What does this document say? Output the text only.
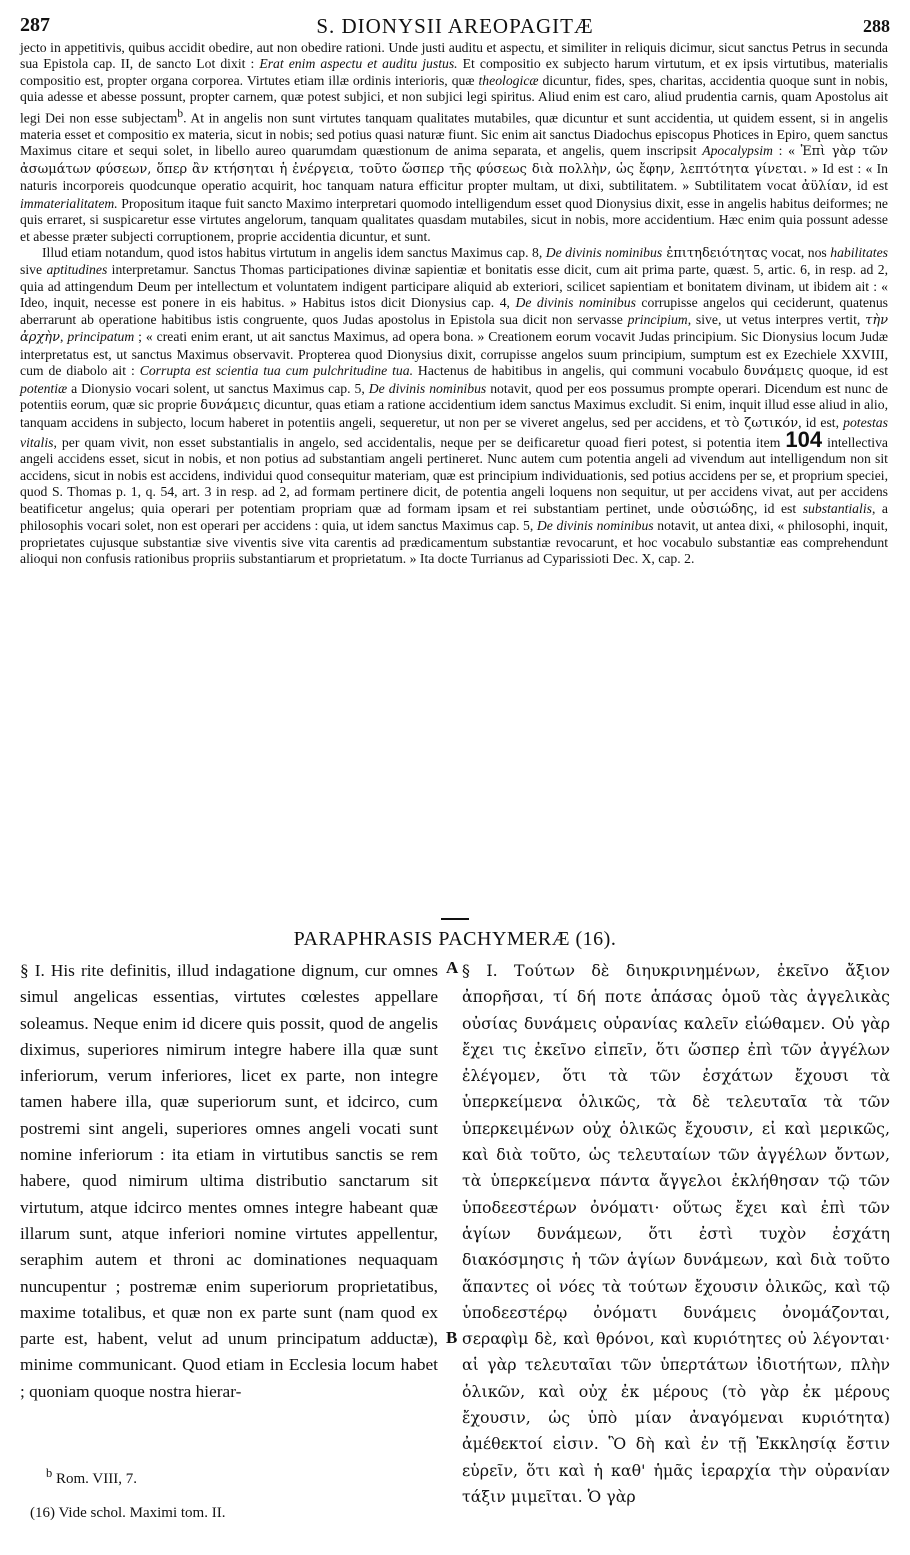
287	S. DIONYSII AREOPAGITÆ	288

jecto in appetitivis, quibus accidit obedire, aut non obedire rationi. Unde justi auditu et aspectu, et similiter in reliquis dicimur, sicut sanctus Petrus in secunda sua Epistola cap. II, de sancto Lot dixit : Erat enim aspectu et auditu justus. Et compositio ex subjecto harum virtutum, et ex ipsis virtutibus, materialis compositio est, propter organa corporea. Virtutes etiam illæ ordinis interioris, quæ theologicæ dicuntur, fides, spes, charitas, accidentia quoque sunt in nobis, quia adesse et abesse possunt, propter carnem, quæ potest subjici, et non subjici legi spiritus. Aliud enim est caro, aliud prudentia carnis, quam Apostolus ait legi Dei non esse subjectam$^b$. At in angelis non sunt virtutes tanquam qualitates mutabiles, quæ dicuntur et sunt accidentia, ut quidem essent, si in angelis materia esset et compositio ex materia, sicut in nobis; sed potius quasi naturæ fiunt. Sic enim ait sanctus Diadochus episcopus Photices in Epiro, quem sanctus Maximus citare et sequi solet, in libello aureo quarumdam quæstionum de anima separata, et angelis, quem inscripsit Apocalypsim : « Ἐπὶ γὰρ τῶν ἀσωμάτων φύσεων, ὅπερ ἂν κτήσηται ἡ ἐνέργεια, τοῦτο ὥσπερ τῆς φύσεως διὰ πολλὴν, ὡς ἔφην, λεπτότητα γίνεται. » Id est : « In naturis incorporeis quodcunque operatio acquirit, hoc tanquam natura efficitur propter multam, ut dixi, subtilitatem. » Subtilitatem vocat ἀϋλίαν, id est immaterialitatem. Propositum itaque fuit sancto Maximo interpretari quomodo intelligendum esset quod Dionysius dixit, esse in angelis habitus deiformes; ne quis erraret, si suspicaretur esse virtutes angelorum, tanquam qualitates quasdam mutabiles, sicut in nobis, more accidentium. Hæc enim quia possunt adesse et abesse præter subjecti corruptionem, proprie accidentia dicuntur, et sunt.

Illud etiam notandum, quod istos habitus virtutum in angelis idem sanctus Maximus cap. 8, De divinis nominibus ἐπιτηδειότητας vocat, nos habilitates sive aptitudines interpretamur. Sanctus Thomas participationes divinæ sapientiæ et bonitatis esse dicit, cum ait prima parte, quæst. 5, artic. 6, in resp. ad 2, quia ad attingendum Deum per intellectum et voluntatem indigent participare aliquid ab exteriori, scilicet sapientiam et bonitatem divinam, ut ibidem ait : « Ideo, inquit, necesse est ponere in eis habitus. » Habitus istos dicit Dionysius cap. 4, De divinis nominibus corrupisse angelos qui ceciderunt, quatenus aberrarunt ab operatione habitibus istis congruente, quos Judas apostolus in Epistola sua dicit non servasse principium, sive, ut vetus interpres vertit, τὴν ἀρχὴν, principatum ; « creati enim erant, ut ait sanctus Maximus, ad opera bona. » Creationem eorum vocavit Judas principium. Sic Dionysius locum Judæ interpretatus est, ut sanctus Maximus observavit. Propterea quod Dionysius dixit, corrupisse angelos suum principium, sumptum est ex Ezechiele XXVIII, cum de diabolo ait : Corrupta est scientia tua cum pulchritudine tua. Hactenus de habitibus in angelis, qui communi vocabulo δυνάμεις quoque, id est potentiæ a Dionysio vocari solent, ut sanctus Maximus cap. 5, De divinis nominibus notavit, quod per eos possumus prompte operari. Dicendum est nunc de potentiis eorum, quæ sic proprie δυνάμεις dicuntur, quas etiam a ratione accidentium idem sanctus Maximus excludit. Si enim, inquit illud esse aliud in alio, tanquam accidens in subjecto, locum haberet in potentiis angeli, sequeretur, ut non per se viveret angelus, sed per accidens, et τὸ ζωτικόν, id est, potestas vitalis, per quam vivit, non esset substantialis in angelo, sed accidentalis, neque per se deificaretur quoad fieri potest, si potentia item 104 intellectiva angeli accidens esset, sicut in nobis, et non potius ad substantiam angeli pertineret. Nunc autem cum potentia angeli ad vivendum aut intelligendum non sit accidens, sicut in nobis est accidens, individui quod consequitur materiam, quæ est principium individuationis, sed potius accidens per se, et proprium speciei, quod S. Thomas p. 1, q. 54, art. 3 in resp. ad 2, ad formam pertinere dicit, de potentia angeli loquens non sequitur, ut per accidens vivat, aut per accidens beatificetur angelus; quia operari per potentiam propriam quæ ad formam ipsam et rei substantiam pertinet, unde οὐσιώδης, id est substantialis, a philosophis vocari solet, non est operari per accidens : quia, ut idem sanctus Maximus cap. 5, De divinis nominibus notavit, ut antea dixi, « philosophi, inquit, proprietates cujusque substantiæ sive viventis sive vita carentis ad prædicamentum substantiæ revocarunt, et hoc vocabulo substantiæ eas comprehendunt alioqui non confusis rationibus propriis substantiarum et proprietatum. » Ita docte Turrianus ad Cyparissioti Dec. X, cap. 2.

PARAPHRASIS PACHYMERÆ (16).
§ I. His rite definitis, illud indagatione dignum, cur omnes simul angelicas essentias, virtutes cœlestes appellare soleamus. Neque enim id dicere quis possit, quod de angelis diximus, superiores nimirum integre habere illa quæ sunt inferiorum, verum inferiores, licet ex parte, non integre tamen habere illa, quæ superiorum sunt, et idcirco, cum postremi sint angeli, superiores omnes angeli vocati sunt nomine inferiorum : ita etiam in virtutibus sanctis se rem habere, quod nimirum ultima distributio sanctarum sit virtutum, atque idcirco mentes omnes integre habeant quæ illarum sunt, atque inferiori nomine virtutes appellentur, seraphim autem et throni ac dominationes nequaquam nuncupentur ; postremæ enim superiorum proprietatibus, maxime totalibus, et quæ non ex parte sunt (nam quod ex parte est, habent, velut ad unum principatum adductæ), minime communicant. Quod etiam in Ecclesia locum habet ; quoniam quoque nostra hierar-
A
B
§ I. Τούτων δὲ διηυκρινημένων, ἐκεῖνο ἄξιον ἀπορῆσαι, τί δή ποτε ἁπάσας ὁμοῦ τὰς ἀγγελικὰς οὐσίας δυνάμεις οὐρανίας καλεῖν εἰώθαμεν. Οὐ γὰρ ἔχει τις ἐκεῖνο εἰπεῖν, ὅτι ὥσπερ ἐπὶ τῶν ἀγγέλων ἐλέγομεν, ὅτι τὰ τῶν ἐσχάτων ἔχουσι τὰ ὑπερκείμενα ὁλικῶς, τὰ δὲ τελευταῖα τὰ τῶν ὑπερκειμένων οὐχ ὁλικῶς ἔχουσιν, εἰ καὶ μερικῶς, καὶ διὰ τοῦτο, ὡς τελευταίων τῶν ἀγγέλων ὄντων, τὰ ὑπερκείμενα πάντα ἄγγελοι ἐκλήθησαν τῷ τῶν ὑποδεεστέρων ὀνόματι· οὕτως ἔχει καὶ ἐπὶ τῶν ἁγίων δυνάμεων, ὅτι ἐστὶ τυχὸν ἐσχάτη διακόσμησις ἡ τῶν ἁγίων δυνάμεων, καὶ διὰ τοῦτο ἅπαντες οἱ νόες τὰ τούτων ἔχουσιν ὁλικῶς, καὶ τῷ ὑποδεεστέρῳ ὀνόματι δυνάμεις ὀνομάζονται, σεραφὶμ δὲ, καὶ θρόνοι, καὶ κυριότητες οὐ λέγονται· αἱ γὰρ τελευταῖαι τῶν ὑπερτάτων ἰδιοτήτων, πλὴν ὁλικῶν, καὶ οὐχ ἐκ μέρους (τὸ γὰρ ἐκ μέρους ἔχουσιν, ὡς ὑπὸ μίαν ἀναγόμεναι κυριότητα) ἀμέθεκτοί εἰσιν. Ὃ δὴ καὶ ἐν τῇ Ἐκκλησίᾳ ἔστιν εὑρεῖν, ὅτι καὶ ἡ καθ' ἡμᾶς ἱεραρχία τὴν οὐρανίαν τάξιν μιμεῖται. Ὁ γὰρ
$^b$ Rom. VIII, 7.
(16) Vide schol. Maximi tom. II.
